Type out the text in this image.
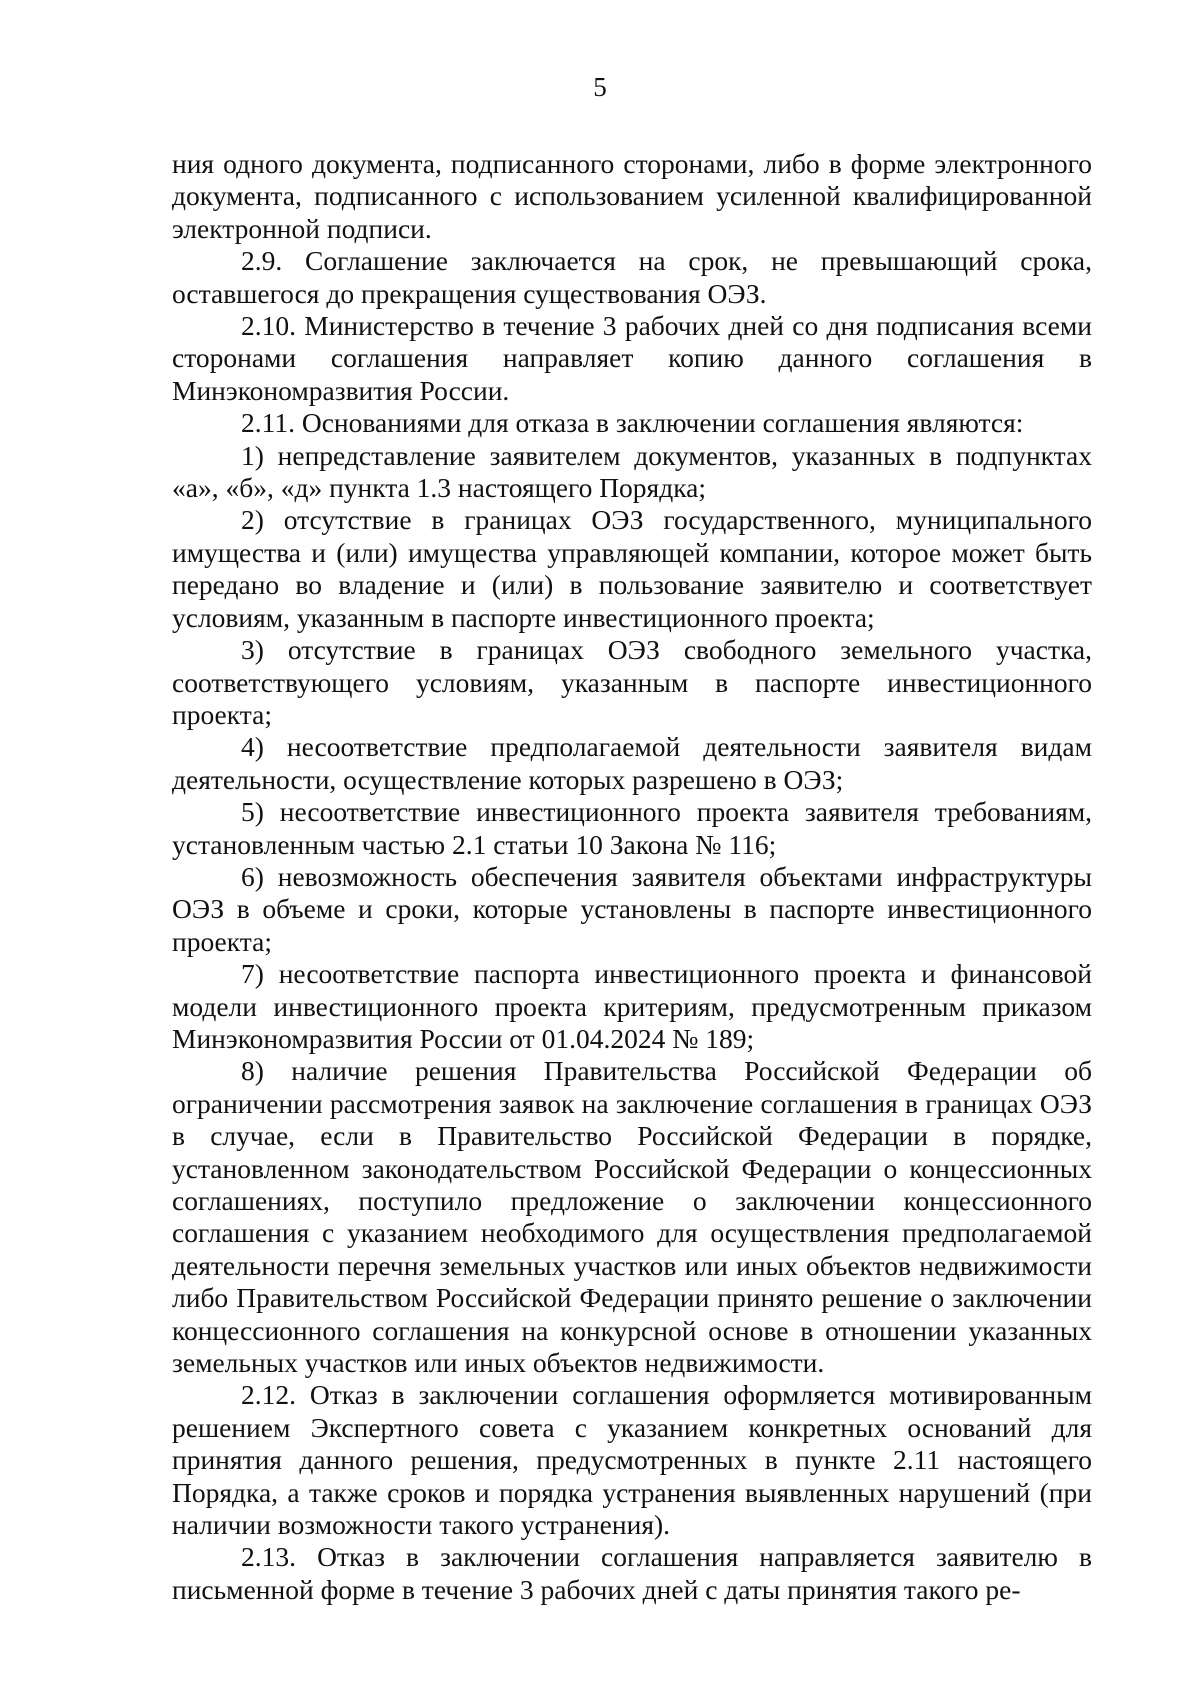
5

ния одного документа, подписанного сторонами, либо в форме электронного документа, подписанного с использованием усиленной квалифицированной электронной подписи.

2.9. Соглашение заключается на срок, не превышающий срока, оставшегося до прекращения существования ОЭЗ.

2.10. Министерство в течение 3 рабочих дней со дня подписания всеми сторонами соглашения направляет копию данного соглашения в Минэкономразвития России.

2.11. Основаниями для отказа в заключении соглашения являются:

1) непредставление заявителем документов, указанных в подпунктах «а», «б», «д» пункта 1.3 настоящего Порядка;

2) отсутствие в границах ОЭЗ государственного, муниципального имущества и (или) имущества управляющей компании, которое может быть передано во владение и (или) в пользование заявителю и соответствует условиям, указанным в паспорте инвестиционного проекта;

3) отсутствие в границах ОЭЗ свободного земельного участка, соответствующего условиям, указанным в паспорте инвестиционного проекта;

4) несоответствие предполагаемой деятельности заявителя видам деятельности, осуществление которых разрешено в ОЭЗ;

5) несоответствие инвестиционного проекта заявителя требованиям, установленным частью 2.1 статьи 10 Закона № 116;

6) невозможность обеспечения заявителя объектами инфраструктуры ОЭЗ в объеме и сроки, которые установлены в паспорте инвестиционного проекта;

7) несоответствие паспорта инвестиционного проекта и финансовой модели инвестиционного проекта критериям, предусмотренным приказом Минэкономразвития России от 01.04.2024 № 189;

8) наличие решения Правительства Российской Федерации об ограничении рассмотрения заявок на заключение соглашения в границах ОЭЗ в случае, если в Правительство Российской Федерации в порядке, установленном законодательством Российской Федерации о концессионных соглашениях, поступило предложение о заключении концессионного соглашения с указанием необходимого для осуществления предполагаемой деятельности перечня земельных участков или иных объектов недвижимости либо Правительством Российской Федерации принято решение о заключении концессионного соглашения на конкурсной основе в отношении указанных земельных участков или иных объектов недвижимости.

2.12. Отказ в заключении соглашения оформляется мотивированным решением Экспертного совета с указанием конкретных оснований для принятия данного решения, предусмотренных в пункте 2.11 настоящего Порядка, а также сроков и порядка устранения выявленных нарушений (при наличии возможности такого устранения).

2.13. Отказ в заключении соглашения направляется заявителю в письменной форме в течение 3 рабочих дней с даты принятия такого ре-
